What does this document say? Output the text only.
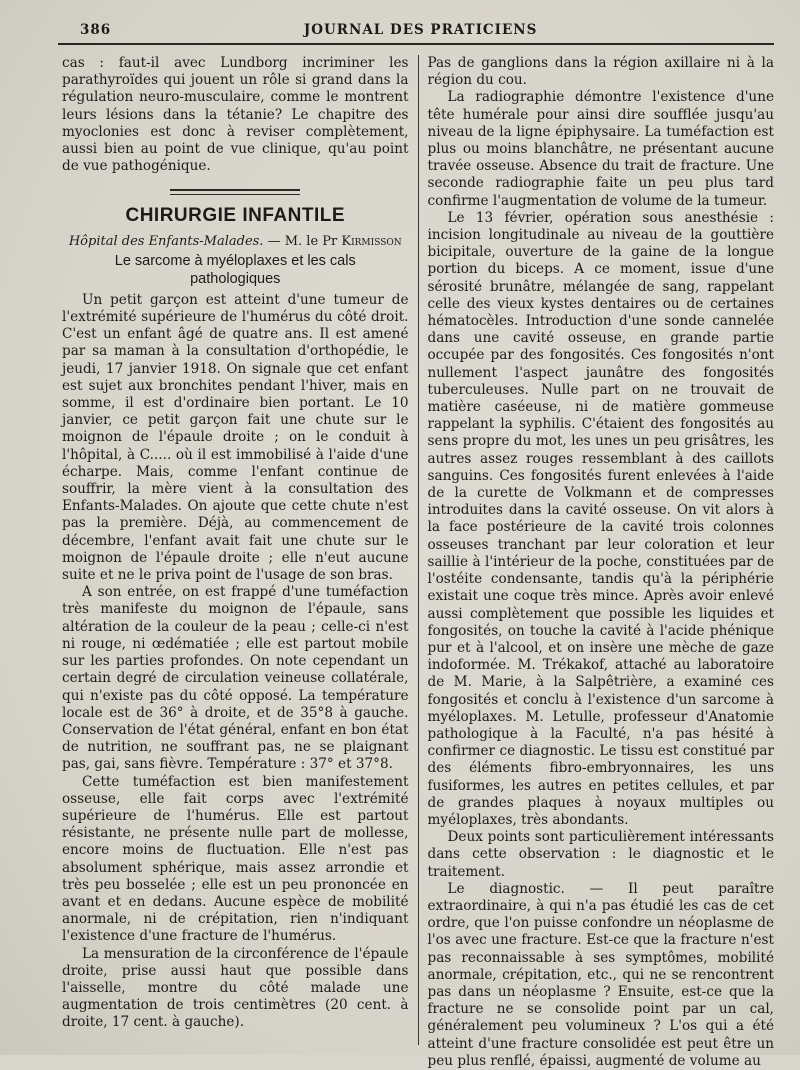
386	JOURNAL DES PRATICIENS

cas : faut-il avec Lundborg incriminer les parathyroïdes qui jouent un rôle si grand dans la régulation neuro-musculaire, comme le montrent leurs lésions dans la tétanie? Le chapitre des myoclonies est donc à reviser complètement, aussi bien au point de vue clinique, qu'au point de vue pathogénique.

CHIRURGIE INFANTILE
Hôpital des Enfants-Malades. — M. le Pr Kirmisson
Le sarcome à myéloplaxes et les cals pathologiques

Un petit garçon est atteint d'une tumeur de l'extrémité supérieure de l'humérus du côté droit. C'est un enfant âgé de quatre ans. Il est amené par sa maman à la consultation d'orthopédie, le jeudi, 17 janvier 1918. On signale que cet enfant est sujet aux bronchites pendant l'hiver, mais en somme, il est d'ordinaire bien portant. Le 10 janvier, ce petit garçon fait une chute sur le moignon de l'épaule droite ; on le conduit à l'hôpital, à C..... où il est immobilisé à l'aide d'une écharpe. Mais, comme l'enfant continue de souffrir, la mère vient à la consultation des Enfants-Malades. On ajoute que cette chute n'est pas la première. Déjà, au commencement de décembre, l'enfant avait fait une chute sur le moignon de l'épaule droite ; elle n'eut aucune suite et ne le priva point de l'usage de son bras.

A son entrée, on est frappé d'une tuméfaction très manifeste du moignon de l'épaule, sans altération de la couleur de la peau ; celle-ci n'est ni rouge, ni œdématiée ; elle est partout mobile sur les parties profondes. On note cependant un certain degré de circulation veineuse collatérale, qui n'existe pas du côté opposé. La température locale est de 36° à droite, et de 35°8 à gauche. Conservation de l'état général, enfant en bon état de nutrition, ne souffrant pas, ne se plaignant pas, gai, sans fièvre. Température : 37° et 37°8.

Cette tuméfaction est bien manifestement osseuse, elle fait corps avec l'extrémité supérieure de l'humérus. Elle est partout résistante, ne présente nulle part de mollesse, encore moins de fluctuation. Elle n'est pas absolument sphérique, mais assez arrondie et très peu bosselée ; elle est un peu prononcée en avant et en dedans. Aucune espèce de mobilité anormale, ni de crépitation, rien n'indiquant l'existence d'une fracture de l'humérus.

La mensuration de la circonférence de l'épaule droite, prise aussi haut que possible dans l'aisselle, montre du côté malade une augmentation de trois centimètres (20 cent. à droite, 17 cent. à gauche).

Pas de ganglions dans la région axillaire ni à la région du cou.

La radiographie démontre l'existence d'une tête humérale pour ainsi dire soufflée jusqu'au niveau de la ligne épiphysaire. La tuméfaction est plus ou moins blanchâtre, ne présentant aucune travée osseuse. Absence du trait de fracture. Une seconde radiographie faite un peu plus tard confirme l'augmentation de volume de la tumeur.

Le 13 février, opération sous anesthésie : incision longitudinale au niveau de la gouttière bicipitale, ouverture de la gaine de la longue portion du biceps. A ce moment, issue d'une sérosité brunâtre, mélangée de sang, rappelant celle des vieux kystes dentaires ou de certaines hématocèles. Introduction d'une sonde cannelée dans une cavité osseuse, en grande partie occupée par des fongosités. Ces fongosités n'ont nullement l'aspect jaunâtre des fongosités tuberculeuses. Nulle part on ne trouvait de matière caséeuse, ni de matière gommeuse rappelant la syphilis. C'étaient des fongosités au sens propre du mot, les unes un peu grisâtres, les autres assez rouges ressemblant à des caillots sanguins. Ces fongosités furent enlevées à l'aide de la curette de Volkmann et de compresses introduites dans la cavité osseuse. On vit alors à la face postérieure de la cavité trois colonnes osseuses tranchant par leur coloration et leur saillie à l'intérieur de la poche, constituées par de l'ostéite condensante, tandis qu'à la périphérie existait une coque très mince. Après avoir enlevé aussi complètement que possible les liquides et fongosités, on touche la cavité à l'acide phénique pur et à l'alcool, et on insère une mèche de gaze indoformée. M. Trékakof, attaché au laboratoire de M. Marie, à la Salpêtrière, a examiné ces fongosités et conclu à l'existence d'un sarcome à myéloplaxes. M. Letulle, professeur d'Anatomie pathologique à la Faculté, n'a pas hésité à confirmer ce diagnostic. Le tissu est constitué par des éléments fibro-embryonnaires, les uns fusiformes, les autres en petites cellules, et par de grandes plaques à noyaux multiples ou myéloplaxes, très abondants.

Deux points sont particulièrement intéressants dans cette observation : le diagnostic et le traitement.

Le diagnostic. — Il peut paraître extraordinaire, à qui n'a pas étudié les cas de cet ordre, que l'on puisse confondre un néoplasme de l'os avec une fracture. Est-ce que la fracture n'est pas reconnaissable à ses symptômes, mobilité anormale, crépitation, etc., qui ne se rencontrent pas dans un néoplasme ? Ensuite, est-ce que la fracture ne se consolide point par un cal, généralement peu volumineux ? L'os qui a été atteint d'une fracture consolidée est peut être un peu plus renflé, épaissi, augmenté de volume au
